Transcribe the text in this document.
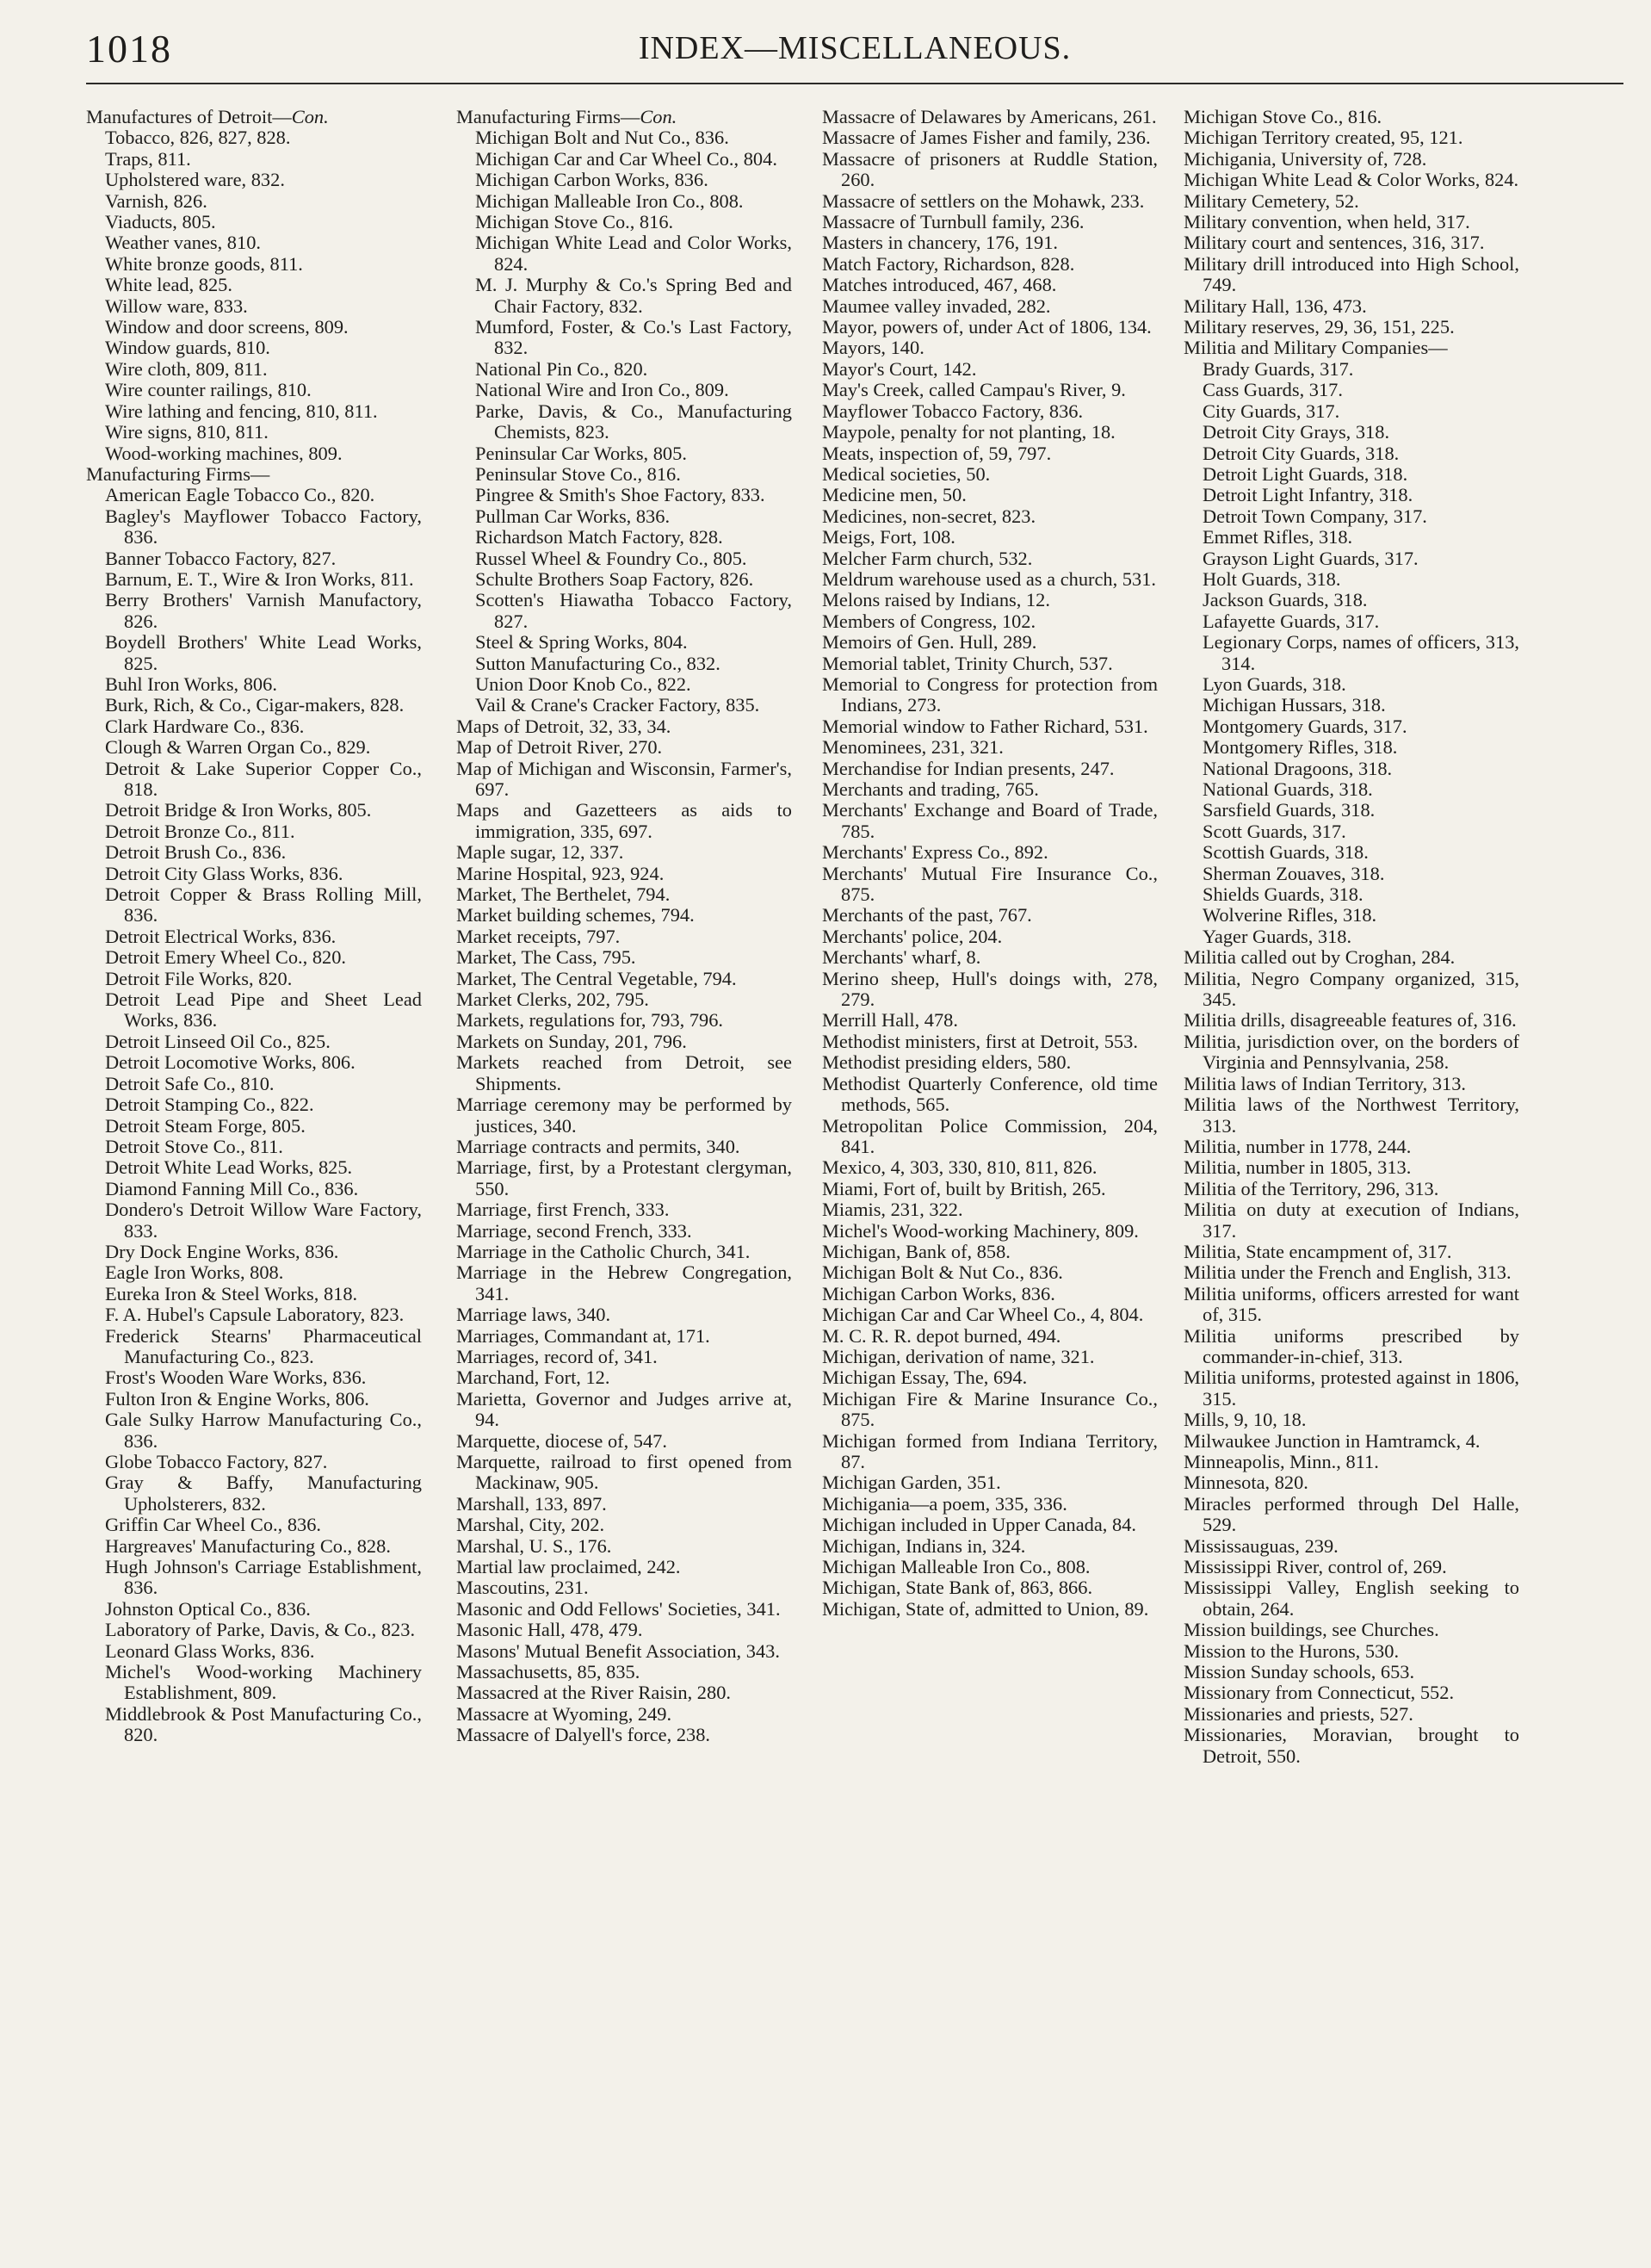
1018	INDEX—MISCELLANEOUS.
Manufactures of Detroit—Con.
Tobacco, 826, 827, 828.
Traps, 811.
Upholstered ware, 832.
Varnish, 826.
Viaducts, 805.
Weather vanes, 810.
White bronze goods, 811.
White lead, 825.
Willow ware, 833.
Window and door screens, 809.
Window guards, 810.
Wire cloth, 809, 811.
Wire counter railings, 810.
Wire lathing and fencing, 810, 811.
Wire signs, 810, 811.
Wood-working machines, 809.
Manufacturing Firms—
American Eagle Tobacco Co., 820.
Bagley's Mayflower Tobacco Factory, 836.
Banner Tobacco Factory, 827.
Barnum, E. T., Wire & Iron Works, 811.
Berry Brothers' Varnish Manufactory, 826.
Boydell Brothers' White Lead Works, 825.
Buhl Iron Works, 806.
Burk, Rich, & Co., Cigar-makers, 828.
Clark Hardware Co., 836.
Clough & Warren Organ Co., 829.
Detroit & Lake Superior Copper Co., 818.
Detroit Bridge & Iron Works, 805.
Detroit Bronze Co., 811.
Detroit Brush Co., 836.
Detroit City Glass Works, 836.
Detroit Copper & Brass Rolling Mill, 836.
Detroit Electrical Works, 836.
Detroit Emery Wheel Co., 820.
Detroit File Works, 820.
Detroit Lead Pipe and Sheet Lead Works, 836.
Detroit Linseed Oil Co., 825.
Detroit Locomotive Works, 806.
Detroit Safe Co., 810.
Detroit Stamping Co., 822.
Detroit Steam Forge, 805.
Detroit Stove Co., 811.
Detroit White Lead Works, 825.
Diamond Fanning Mill Co., 836.
Dondero's Detroit Willow Ware Factory, 833.
Dry Dock Engine Works, 836.
Eagle Iron Works, 808.
Eureka Iron & Steel Works, 818.
F. A. Hubel's Capsule Laboratory, 823.
Frederick Stearns' Pharmaceutical Manufacturing Co., 823.
Frost's Wooden Ware Works, 836.
Fulton Iron & Engine Works, 806.
Gale Sulky Harrow Manufacturing Co., 836.
Globe Tobacco Factory, 827.
Gray & Baffy, Manufacturing Upholsterers, 832.
Griffin Car Wheel Co., 836.
Hargreaves' Manufacturing Co., 828.
Hugh Johnson's Carriage Establishment, 836.
Johnston Optical Co., 836.
Laboratory of Parke, Davis, & Co., 823.
Leonard Glass Works, 836.
Michel's Wood-working Machinery Establishment, 809.
Middlebrook & Post Manufacturing Co., 820.
Manufacturing Firms—Con.
Michigan Bolt and Nut Co., 836.
Michigan Car and Car Wheel Co., 804.
Michigan Carbon Works, 836.
Michigan Malleable Iron Co., 808.
Michigan Stove Co., 816.
Michigan White Lead and Color Works, 824.
M. J. Murphy & Co.'s Spring Bed and Chair Factory, 832.
Mumford, Foster, & Co.'s Last Factory, 832.
National Pin Co., 820.
National Wire and Iron Co., 809.
Parke, Davis, & Co., Manufacturing Chemists, 823.
Peninsular Car Works, 805.
Peninsular Stove Co., 816.
Pingree & Smith's Shoe Factory, 833.
Pullman Car Works, 836.
Richardson Match Factory, 828.
Russel Wheel & Foundry Co., 805.
Schulte Brothers Soap Factory, 826.
Scotten's Hiawatha Tobacco Factory, 827.
Steel & Spring Works, 804.
Sutton Manufacturing Co., 832.
Union Door Knob Co., 822.
Vail & Crane's Cracker Factory, 835.
Maps of Detroit, 32, 33, 34.
Map of Detroit River, 270.
Map of Michigan and Wisconsin, Farmer's, 697.
Maps and Gazetteers as aids to immigration, 335, 697.
Maple sugar, 12, 337.
Marine Hospital, 923, 924.
Market, The Berthelet, 794.
Market building schemes, 794.
Market receipts, 797.
Market, The Cass, 795.
Market, The Central Vegetable, 794.
Market Clerks, 202, 795.
Markets, regulations for, 793, 796.
Markets on Sunday, 201, 796.
Markets reached from Detroit, see Shipments.
Marriage ceremony may be performed by justices, 340.
Marriage contracts and permits, 340.
Marriage, first, by a Protestant clergyman, 550.
Marriage, first French, 333.
Marriage, second French, 333.
Marriage in the Catholic Church, 341.
Marriage in the Hebrew Congregation, 341.
Marriage laws, 340.
Marriages, Commandant at, 171.
Marriages, record of, 341.
Marchand, Fort, 12.
Marietta, Governor and Judges arrive at, 94.
Marquette, diocese of, 547.
Marquette, railroad to first opened from Mackinaw, 905.
Marshall, 133, 897.
Marshal, City, 202.
Marshal, U. S., 176.
Martial law proclaimed, 242.
Mascoutins, 231.
Masonic and Odd Fellows' Societies, 341.
Masonic Hall, 478, 479.
Masons' Mutual Benefit Association, 343.
Massachusetts, 85, 835.
Massacred at the River Raisin, 280.
Massacre at Wyoming, 249.
Massacre of Dalyell's force, 238.
Massacre of Delawares by Americans, 261.
Massacre of James Fisher and family, 236.
Massacre of prisoners at Ruddle Station, 260.
Massacre of settlers on the Mohawk, 233.
Massacre of Turnbull family, 236.
Masters in chancery, 176, 191.
Match Factory, Richardson, 828.
Matches introduced, 467, 468.
Maumee valley invaded, 282.
Mayor, powers of, under Act of 1806, 134.
Mayors, 140.
Mayor's Court, 142.
May's Creek, called Campau's River, 9.
Mayflower Tobacco Factory, 836.
Maypole, penalty for not planting, 18.
Meats, inspection of, 59, 797.
Medical societies, 50.
Medicine men, 50.
Medicines, non-secret, 823.
Meigs, Fort, 108.
Melcher Farm church, 532.
Meldrum warehouse used as a church, 531.
Melons raised by Indians, 12.
Members of Congress, 102.
Memoirs of Gen. Hull, 289.
Memorial tablet, Trinity Church, 537.
Memorial to Congress for protection from Indians, 273.
Memorial window to Father Richard, 531.
Menominees, 231, 321.
Merchandise for Indian presents, 247.
Merchants and trading, 765.
Merchants' Exchange and Board of Trade, 785.
Merchants' Express Co., 892.
Merchants' Mutual Fire Insurance Co., 875.
Merchants of the past, 767.
Merchants' police, 204.
Merchants' wharf, 8.
Merino sheep, Hull's doings with, 278, 279.
Merrill Hall, 478.
Methodist ministers, first at Detroit, 553.
Methodist presiding elders, 580.
Methodist Quarterly Conference, old time methods, 565.
Metropolitan Police Commission, 204, 841.
Mexico, 4, 303, 330, 810, 811, 826.
Miami, Fort of, built by British, 265.
Miamis, 231, 322.
Michel's Wood-working Machinery, 809.
Michigan, Bank of, 858.
Michigan Bolt & Nut Co., 836.
Michigan Carbon Works, 836.
Michigan Car and Car Wheel Co., 4, 804.
M. C. R. R. depot burned, 494.
Michigan, derivation of name, 321.
Michigan Essay, The, 694.
Michigan Fire & Marine Insurance Co., 875.
Michigan formed from Indiana Territory, 87.
Michigan Garden, 351.
Michigania—a poem, 335, 336.
Michigan included in Upper Canada, 84.
Michigan, Indians in, 324.
Michigan Malleable Iron Co., 808.
Michigan, State Bank of, 863, 866.
Michigan, State of, admitted to Union, 89.
Michigan Stove Co., 816.
Michigan Territory created, 95, 121.
Michigania, University of, 728.
Michigan White Lead & Color Works, 824.
Military Cemetery, 52.
Military convention, when held, 317.
Military court and sentences, 316, 317.
Military drill introduced into High School, 749.
Military Hall, 136, 473.
Military reserves, 29, 36, 151, 225.
Militia and Military Companies—
Brady Guards, 317.
Cass Guards, 317.
City Guards, 317.
Detroit City Grays, 318.
Detroit City Guards, 318.
Detroit Light Guards, 318.
Detroit Light Infantry, 318.
Detroit Town Company, 317.
Emmet Rifles, 318.
Grayson Light Guards, 317.
Holt Guards, 318.
Jackson Guards, 318.
Lafayette Guards, 317.
Legionary Corps, names of officers, 313, 314.
Lyon Guards, 318.
Michigan Hussars, 318.
Montgomery Guards, 317.
Montgomery Rifles, 318.
National Dragoons, 318.
National Guards, 318.
Sarsfield Guards, 318.
Scott Guards, 317.
Scottish Guards, 318.
Sherman Zouaves, 318.
Shields Guards, 318.
Wolverine Rifles, 318.
Yager Guards, 318.
Militia called out by Croghan, 284.
Militia, Negro Company organized, 315, 345.
Militia drills, disagreeable features of, 316.
Militia, jurisdiction over, on the borders of Virginia and Pennsylvania, 258.
Militia laws of Indian Territory, 313.
Militia laws of the Northwest Territory, 313.
Militia, number in 1778, 244.
Militia, number in 1805, 313.
Militia of the Territory, 296, 313.
Militia on duty at execution of Indians, 317.
Militia, State encampment of, 317.
Militia under the French and English, 313.
Militia uniforms, officers arrested for want of, 315.
Militia uniforms prescribed by commander-in-chief, 313.
Militia uniforms, protested against in 1806, 315.
Mills, 9, 10, 18.
Milwaukee Junction in Hamtramck, 4.
Minneapolis, Minn., 811.
Minnesota, 820.
Miracles performed through Del Halle, 529.
Mississauguas, 239.
Mississippi River, control of, 269.
Mississippi Valley, English seeking to obtain, 264.
Mission buildings, see Churches.
Mission to the Hurons, 530.
Mission Sunday schools, 653.
Missionary from Connecticut, 552.
Missionaries and priests, 527.
Missionaries, Moravian, brought to Detroit, 550.
